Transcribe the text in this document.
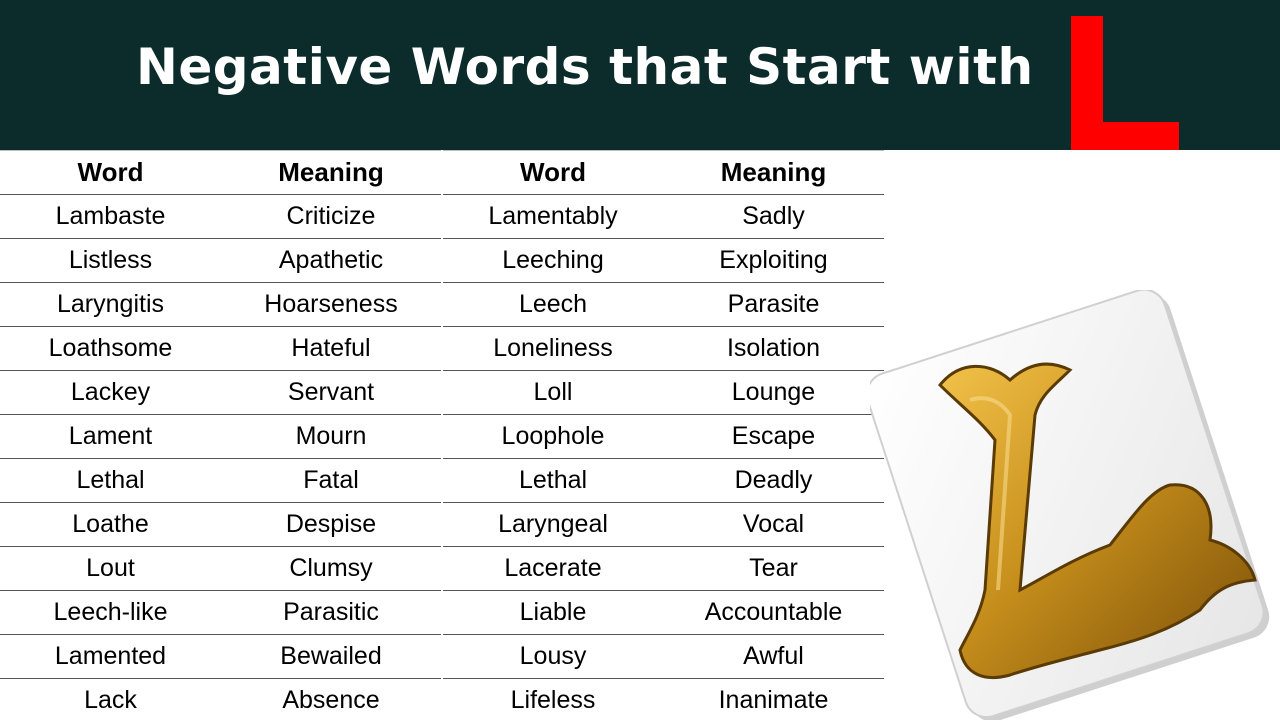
Negative Words that Start with
Word	Meaning	Word	Meaning
Lambaste	Criticize	Lamentably	Sadly
Listless	Apathetic	Leeching	Exploiting
Laryngitis	Hoarseness	Leech	Parasite
Loathsome	Hateful	Loneliness	Isolation
Lackey	Servant	Loll	Lounge
Lament	Mourn	Loophole	Escape
Lethal	Fatal	Lethal	Deadly
Loathe	Despise	Laryngeal	Vocal
Lout	Clumsy	Lacerate	Tear
Leech-like	Parasitic	Liable	Accountable
Lamented	Bewailed	Lousy	Awful
Lack	Absence	Lifeless	Inanimate
